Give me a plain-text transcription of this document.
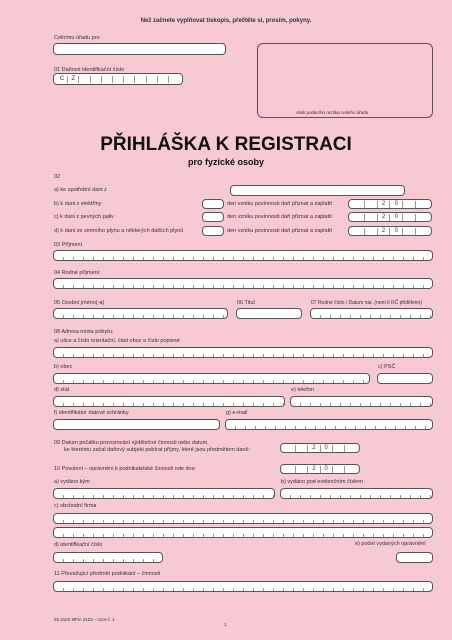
Než začnete vyplňovat tiskopis, přečtěte si, prosím, pokyny.
Celnímu úřadu pro
otisk podacího razítka celního úřadu
01 Daňové identifikační číslo
C	Z
PŘIHLÁŠKA K REGISTRACI
pro fyzické osoby
02
a) ke spotřební dani z
b) k dani z elektřiny	den vzniku povinnosti daň přiznat a zaplatit	2	0
c) k dani z pevných paliv	den vzniku povinnosti daň přiznat a zaplatit	2	0
d) k dani ze zemního plynu a některých dalších plynů	den vzniku povinnosti daň přiznat a zaplatit	2	0
03 Příjmení
04 Rodné příjmení
05 Osobní jméno(-a)	06 Titul	07 Rodné číslo / Datum nar. (není-li RČ přiděleno)
08 Adresa místa pobytu:
a) ulice a číslo orientační, část obce a číslo popisné
b) obec	c) PSČ
d) stát	e) telefon
f) identifikátor datové schránky	g) e-mail
09 Datum počátku provozování výdělečné činnosti nebo datum,
ke kterému začal daňový subjekt pobírat příjmy, které jsou předmětem daně:	2	0
10 Povolení – oprávnění k podnikatelské činnosti ode dne:	2	0
a) vydáno kým	b) vydáno pod evidenčním číslem
c) obchodní firma
d) identifikační číslo	e) počet vydaných oprávnění
11 Převažující předmět podnikání – činnosti
25 3102 MFin 3102 – vzor č. 1
1
